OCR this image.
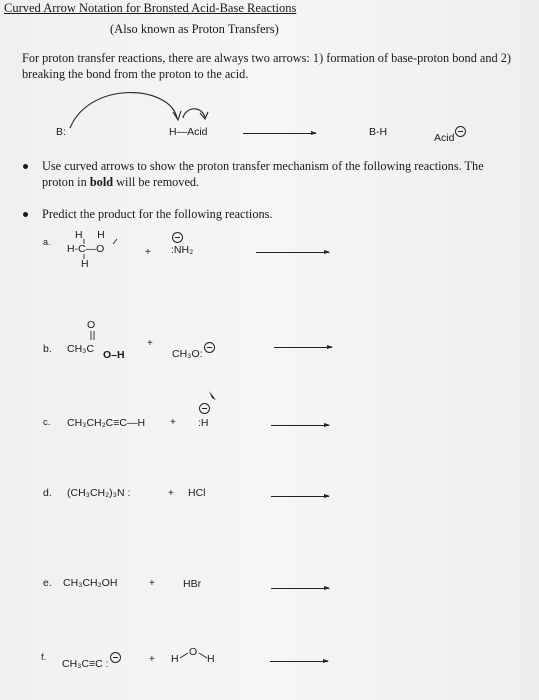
Curved Arrow Notation for Bronsted Acid-Base Reactions
(Also known as Proton Transfers)
For proton transfer reactions, there are always two arrows: 1) formation of base-proton bond and 2) breaking the bond from the proton to the acid.
B:	H—Acid	B-H	Acid
Use curved arrows to show the proton transfer mechanism of the following reactions. The proton in bold will be removed.
Predict the product for the following reactions.
a.
H     H
H-C—O
H
+ :NH₂
b.
O
CH₃C O–H
+
CH₃O:
c. CH₃CH₂C≡C—H + :H
d. (CH₃CH₂)₃N :	+ HCl
e. CH₃CH₂OH	+	HBr
f.
CH₃C≡C :	+ H
O
H
